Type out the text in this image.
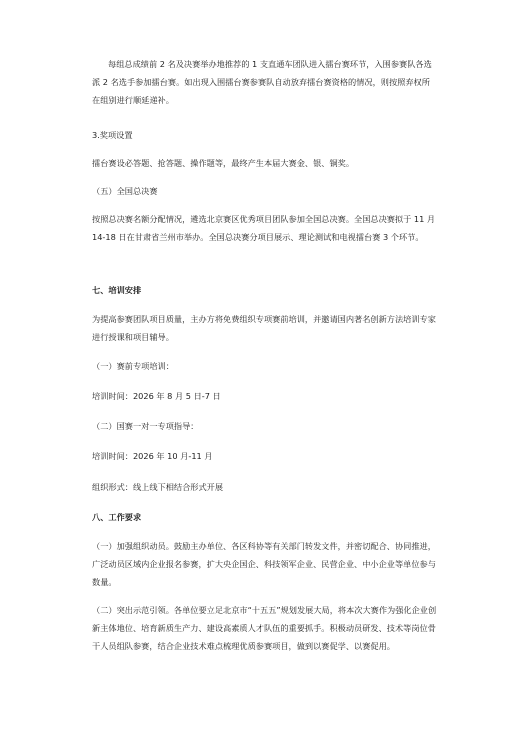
每组总成绩前 2 名及决赛举办地推荐的 1 支直通车团队进入擂台赛环节，入围参赛队各选派 2 名选手参加擂台赛。如出现入围擂台赛参赛队自动放弃擂台赛资格的情况，则按照弃权所在组别进行顺延递补。

3.奖项设置

擂台赛设必答题、抢答题、操作题等，最终产生本届大赛金、银、铜奖。

（五）全国总决赛

按照总决赛名额分配情况，遴选北京赛区优秀项目团队参加全国总决赛。全国总决赛拟于 11 月 14-18 日在甘肃省兰州市举办。全国总决赛分项目展示、理论测试和电视擂台赛 3 个环节。

七、培训安排

为提高参赛团队项目质量，主办方将免费组织专项赛前培训，并邀请国内著名创新方法培训专家进行授课和项目辅导。

（一）赛前专项培训：

培训时间：2026 年 8 月 5 日-7 日

（二）国赛一对一专项指导：

培训时间：2026 年 10 月-11 月

组织形式：线上线下相结合形式开展

八、工作要求

（一）加强组织动员。鼓励主办单位、各区科协等有关部门转发文件，并密切配合、协同推进，广泛动员区域内企业报名参赛，扩大央企国企、科技领军企业、民营企业、中小企业等单位参与数量。

（二）突出示范引领。各单位要立足北京市“十五五”规划发展大局，将本次大赛作为强化企业创新主体地位、培育新质生产力、建设高素质人才队伍的重要抓手。积极动员研发、技术等岗位骨干人员组队参赛，结合企业技术难点梳理优质参赛项目，做到以赛促学、以赛促用。
